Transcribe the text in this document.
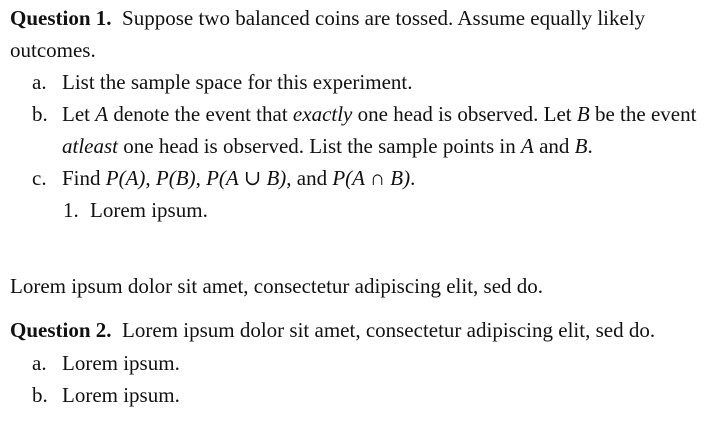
Question 1. Suppose two balanced coins are tossed. Assume equally likely outcomes.
a. List the sample space for this experiment.
b. Let A denote the event that exactly one head is observed. Let B be the event atleast one head is observed. List the sample points in A and B.
c. Find P(A), P(B), P(A ∪ B), and P(A ∩ B).
1. Lorem ipsum.
Lorem ipsum dolor sit amet, consectetur adipiscing elit, sed do.
Question 2. Lorem ipsum dolor sit amet, consectetur adipiscing elit, sed do.
a. Lorem ipsum.
b. Lorem ipsum.
